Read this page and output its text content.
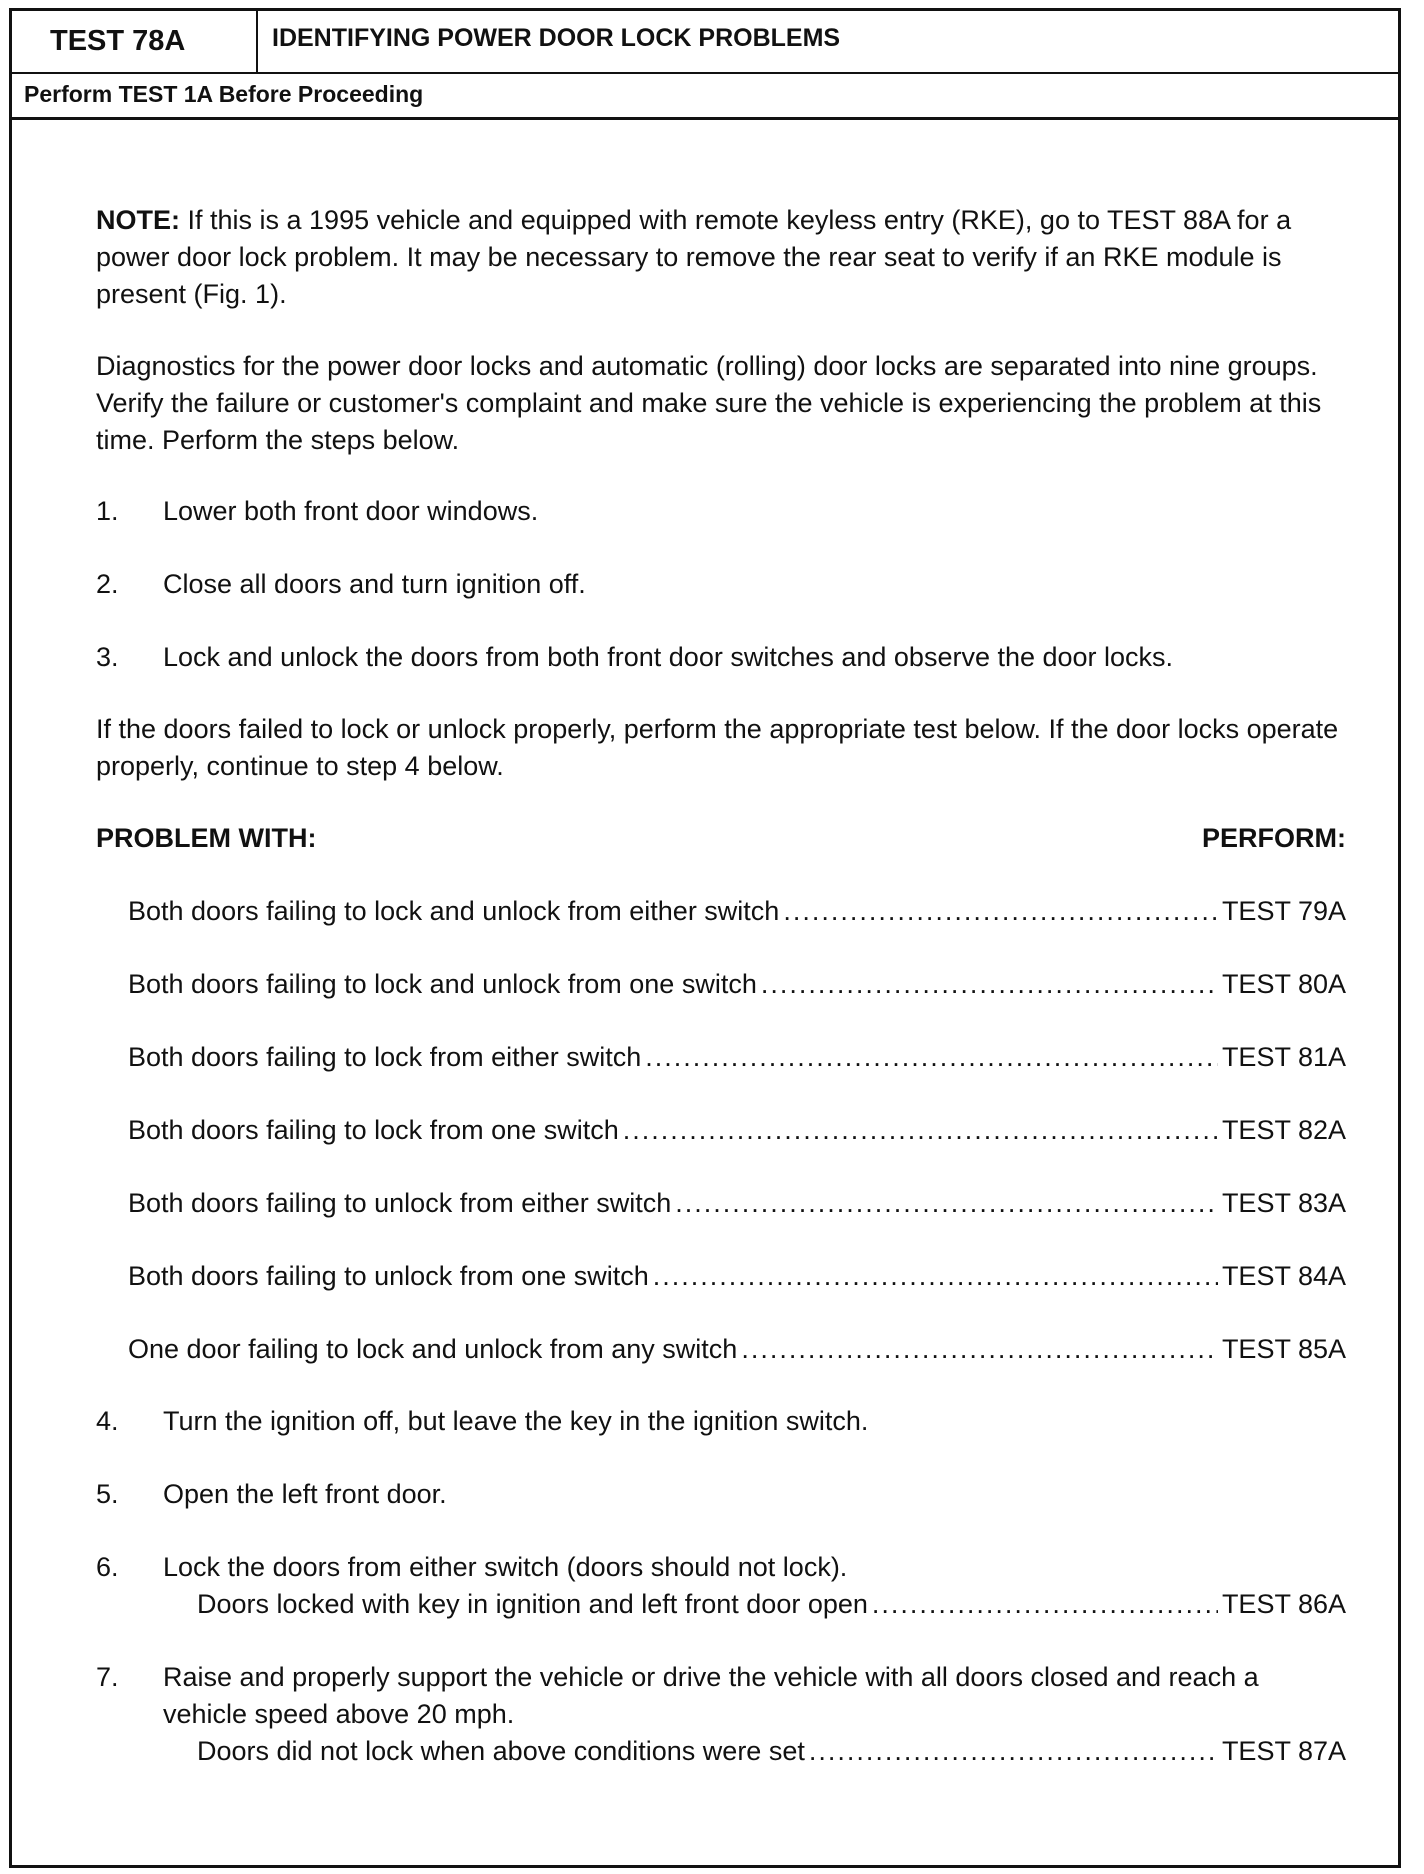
TEST 78A	IDENTIFYING POWER DOOR LOCK PROBLEMS
Perform TEST 1A Before Proceeding
NOTE: If this is a 1995 vehicle and equipped with remote keyless entry (RKE), go to TEST 88A for a power door lock problem. It may be necessary to remove the rear seat to verify if an RKE module is present (Fig. 1).
Diagnostics for the power door locks and automatic (rolling) door locks are separated into nine groups. Verify the failure or customer's complaint and make sure the vehicle is experiencing the problem at this time. Perform the steps below.
1.	Lower both front door windows.
2.	Close all doors and turn ignition off.
3.	Lock and unlock the doors from both front door switches and observe the door locks.
If the doors failed to lock or unlock properly, perform the appropriate test below. If the door locks operate properly, continue to step 4 below.
PROBLEM WITH:	PERFORM:
Both doors failing to lock and unlock from either switch .....	TEST 79A
Both doors failing to lock and unlock from one switch .....	TEST 80A
Both doors failing to lock from either switch .....	TEST 81A
Both doors failing to lock from one switch .....	TEST 82A
Both doors failing to unlock from either switch .....	TEST 83A
Both doors failing to unlock from one switch .....	TEST 84A
One door failing to lock and unlock from any switch .....	TEST 85A
4.	Turn the ignition off, but leave the key in the ignition switch.
5.	Open the left front door.
6.	Lock the doors from either switch (doors should not lock).
Doors locked with key in ignition and left front door open .....	TEST 86A
7.	Raise and properly support the vehicle or drive the vehicle with all doors closed and reach a vehicle speed above 20 mph.
Doors did not lock when above conditions were set .....	TEST 87A
